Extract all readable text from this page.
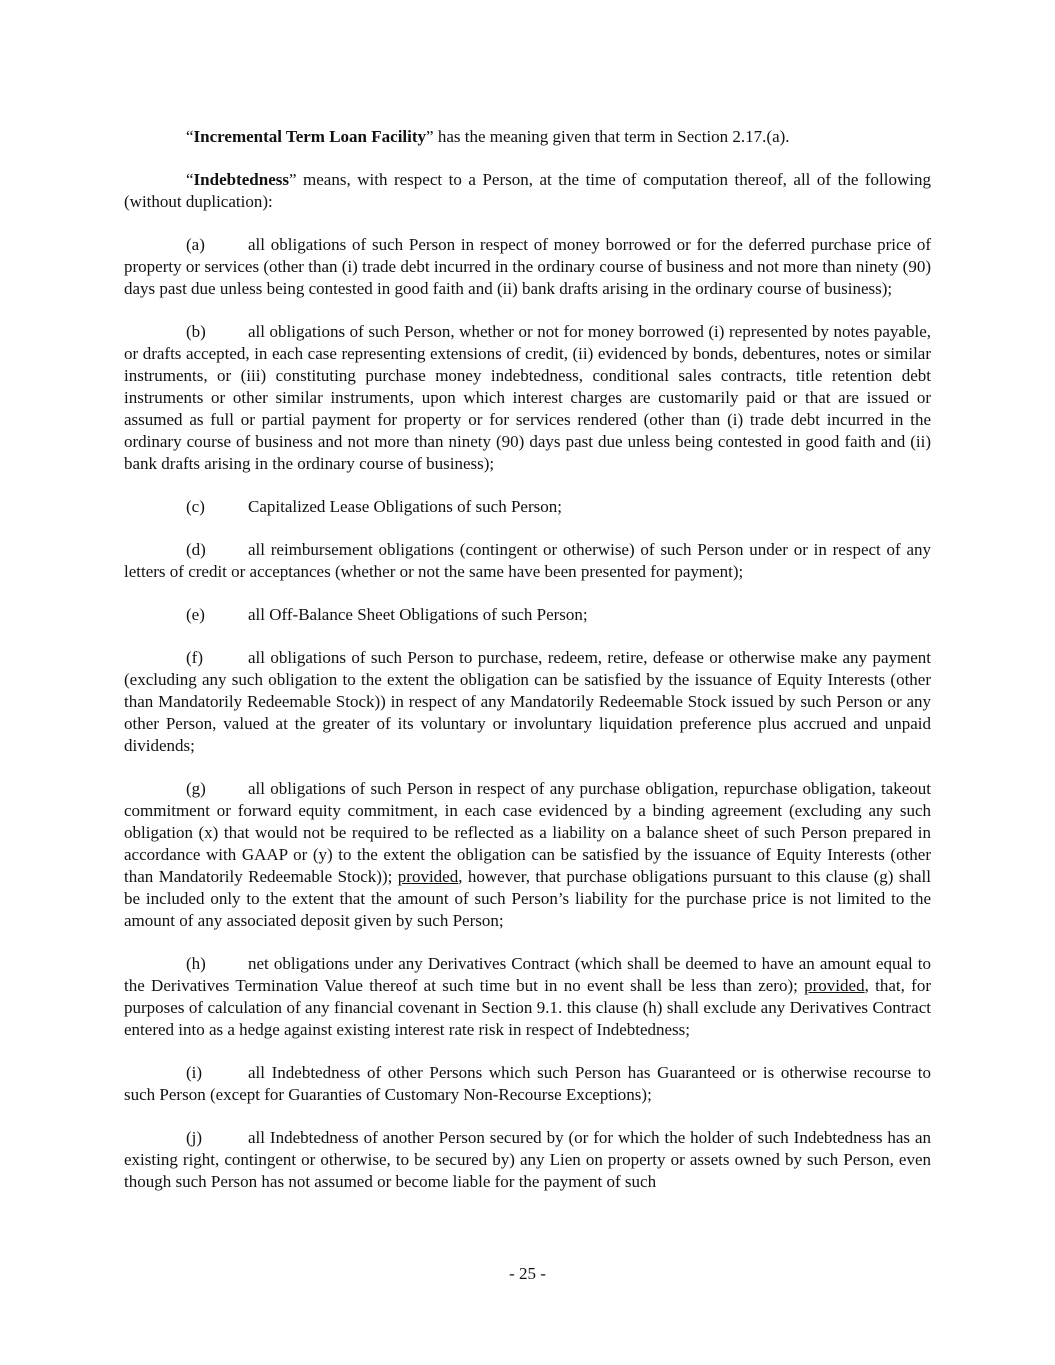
“Incremental Term Loan Facility” has the meaning given that term in Section 2.17.(a).

“Indebtedness” means, with respect to a Person, at the time of computation thereof, all of the following (without duplication):

(a)	all obligations of such Person in respect of money borrowed or for the deferred purchase price of property or services (other than (i) trade debt incurred in the ordinary course of business and not more than ninety (90) days past due unless being contested in good faith and (ii) bank drafts arising in the ordinary course of business);

(b) all obligations of such Person, whether or not for money borrowed (i) represented by notes payable, or drafts accepted, in each case representing extensions of credit, (ii) evidenced by bonds, debentures, notes or similar instruments, or (iii) constituting purchase money indebtedness, conditional sales contracts, title retention debt instruments or other similar instruments, upon which interest charges are customarily paid or that are issued or assumed as full or partial payment for property or for services rendered (other than (i) trade debt incurred in the ordinary course of business and not more than ninety (90) days past due unless being contested in good faith and (ii) bank drafts arising in the ordinary course of business);

(c)	Capitalized Lease Obligations of such Person;

(d) all reimbursement obligations (contingent or otherwise) of such Person under or in respect of any letters of credit or acceptances (whether or not the same have been presented for payment);

(e)	all Off-Balance Sheet Obligations of such Person;

(f)	all obligations of such Person to purchase, redeem, retire, defease or otherwise make any payment (excluding any such obligation to the extent the obligation can be satisfied by the issuance of Equity Interests (other than Mandatorily Redeemable Stock)) in respect of any Mandatorily Redeemable Stock issued by such Person or any other Person, valued at the greater of its voluntary or involuntary liquidation preference plus accrued and unpaid dividends;

(g) all obligations of such Person in respect of any purchase obligation, repurchase obligation, takeout commitment or forward equity commitment, in each case evidenced by a binding agreement (excluding any such obligation (x) that would not be required to be reflected as a liability on a balance sheet of such Person prepared in accordance with GAAP or (y) to the extent the obligation can be satisfied by the issuance of Equity Interests (other than Mandatorily Redeemable Stock)); provided, however, that purchase obligations pursuant to this clause (g) shall be included only to the extent that the amount of such Person’s liability for the purchase price is not limited to the amount of any associated deposit given by such Person;

(h) net obligations under any Derivatives Contract (which shall be deemed to have an amount equal to the Derivatives Termination Value thereof at such time but in no event shall be less than zero); provided, that, for purposes of calculation of any financial covenant in Section 9.1. this clause (h) shall exclude any Derivatives Contract entered into as a hedge against existing interest rate risk in respect of Indebtedness;

(i)	all Indebtedness of other Persons which such Person has Guaranteed or is otherwise recourse to such Person (except for Guaranties of Customary Non-Recourse Exceptions);

(j)	all Indebtedness of another Person secured by (or for which the holder of such Indebtedness has an existing right, contingent or otherwise, to be secured by) any Lien on property or assets owned by such Person, even though such Person has not assumed or become liable for the payment of such

- 25 -
